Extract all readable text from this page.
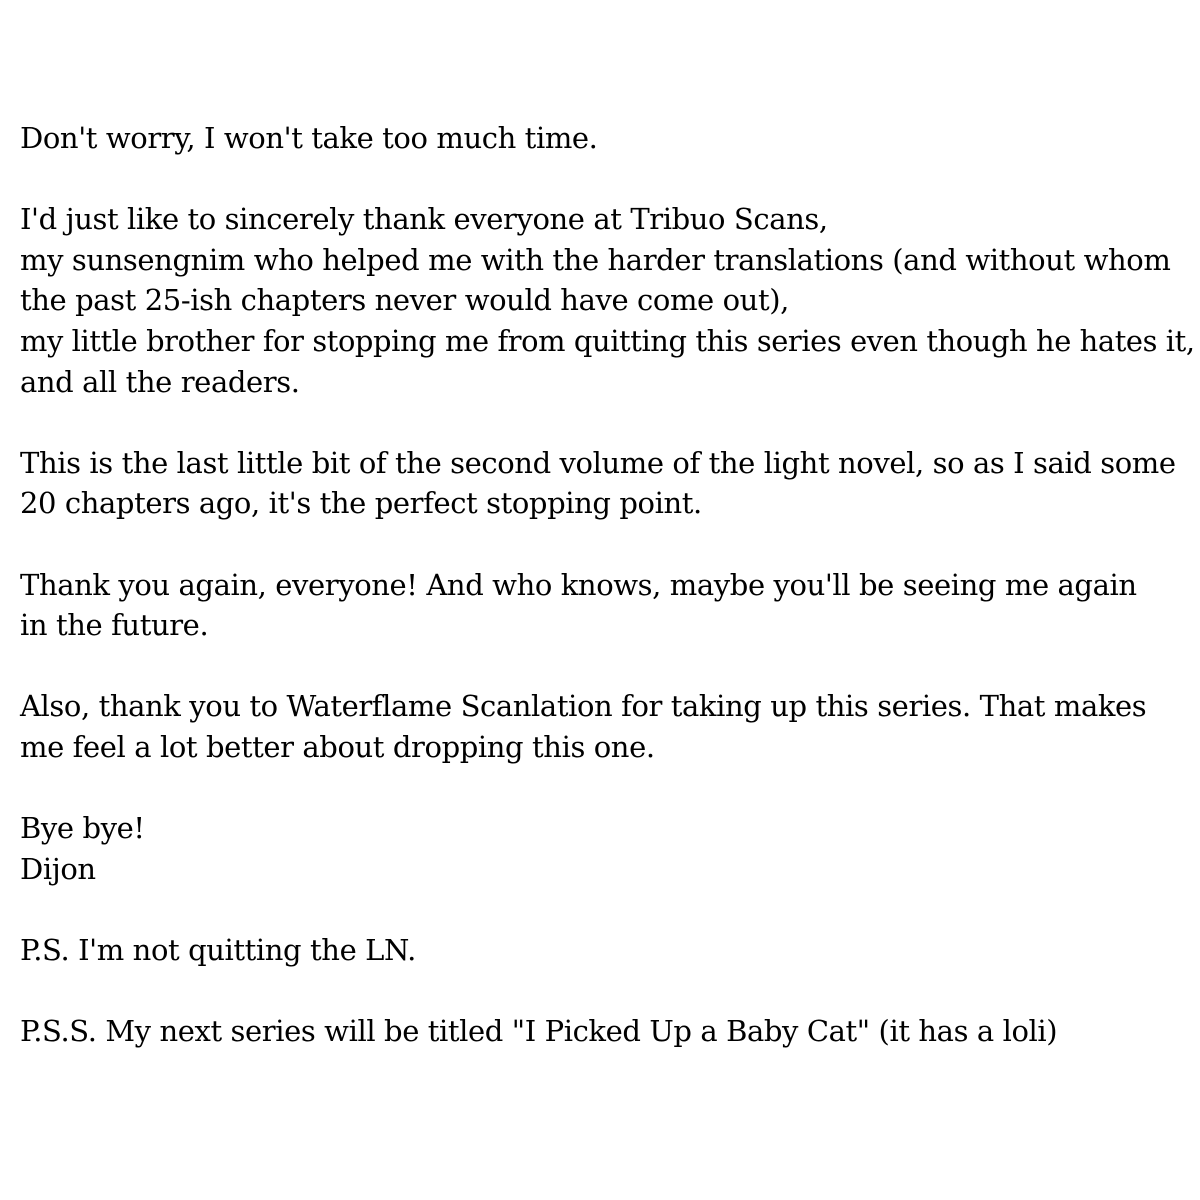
Don't worry, I won't take too much time.
I'd just like to sincerely thank everyone at Tribuo Scans,
my sunsengnim who helped me with the harder translations (and without whom
the past 25-ish chapters never would have come out),
my little brother for stopping me from quitting this series even though he hates it,
and all the readers.
This is the last little bit of the second volume of the light novel, so as I said some
20 chapters ago, it's the perfect stopping point.
Thank you again, everyone! And who knows, maybe you'll be seeing me again
in the future.
Also, thank you to Waterflame Scanlation for taking up this series. That makes
me feel a lot better about dropping this one.
Bye bye!
Dijon
P.S. I'm not quitting the LN.
P.S.S. My next series will be titled "I Picked Up a Baby Cat" (it has a loli)
